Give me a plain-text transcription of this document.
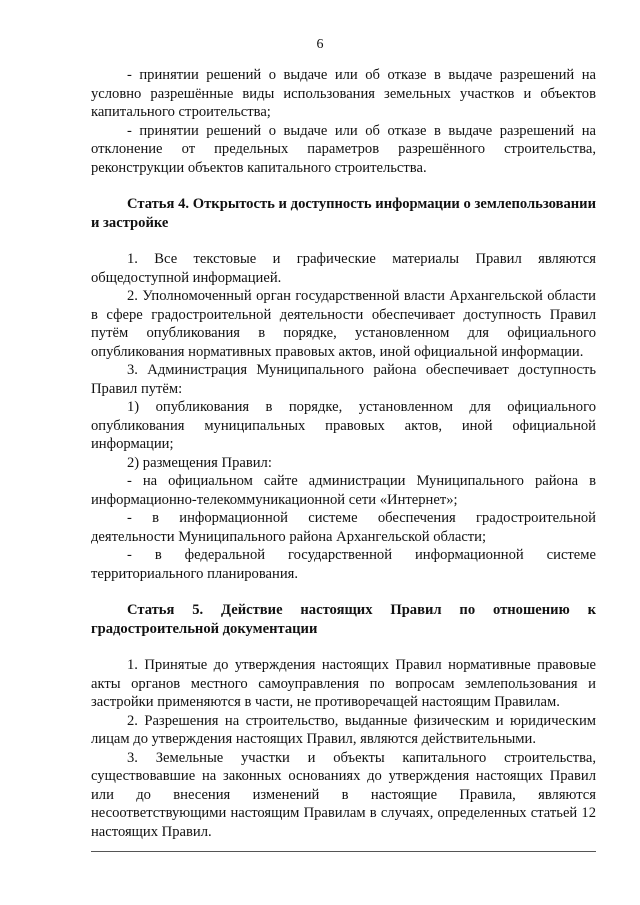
6

- принятии решений о выдаче или об отказе в выдаче разрешений на условно разрешённые виды использования земельных участков и объектов капитального строительства;

- принятии решений о выдаче или об отказе в выдаче разрешений на отклонение от предельных параметров разрешённого строительства, реконструкции объектов капитального строительства.

Статья 4. Открытость и доступность информации о землепользовании и застройке

1. Все текстовые и графические материалы Правил являются общедоступной информацией.

2. Уполномоченный орган государственной власти Архангельской области в сфере градостроительной деятельности обеспечивает доступность Правил путём опубликования в порядке, установленном для официального опубликования нормативных правовых актов, иной официальной информации.

3. Администрация Муниципального района обеспечивает доступность Правил путём:

1) опубликования в порядке, установленном для официального опубликования муниципальных правовых актов, иной официальной информации;

2) размещения Правил:

- на официальном сайте администрации Муниципального района в информационно-телекоммуникационной сети «Интернет»;

- в информационной системе обеспечения градостроительной деятельности Муниципального района Архангельской области;

- в федеральной государственной информационной системе территориального планирования.

Статья 5. Действие настоящих Правил по отношению к градостроительной документации

1. Принятые до утверждения настоящих Правил нормативные правовые акты органов местного самоуправления по вопросам землепользования и застройки применяются в части, не противоречащей настоящим Правилам.

2. Разрешения на строительство, выданные физическим и юридическим лицам до утверждения настоящих Правил, являются действительными.

3. Земельные участки и объекты капитального строительства, существовавшие на законных основаниях до утверждения настоящих Правил или до внесения изменений в настоящие Правила, являются несоответствующими настоящим Правилам в случаях, определенных статьей 12 настоящих Правил.
